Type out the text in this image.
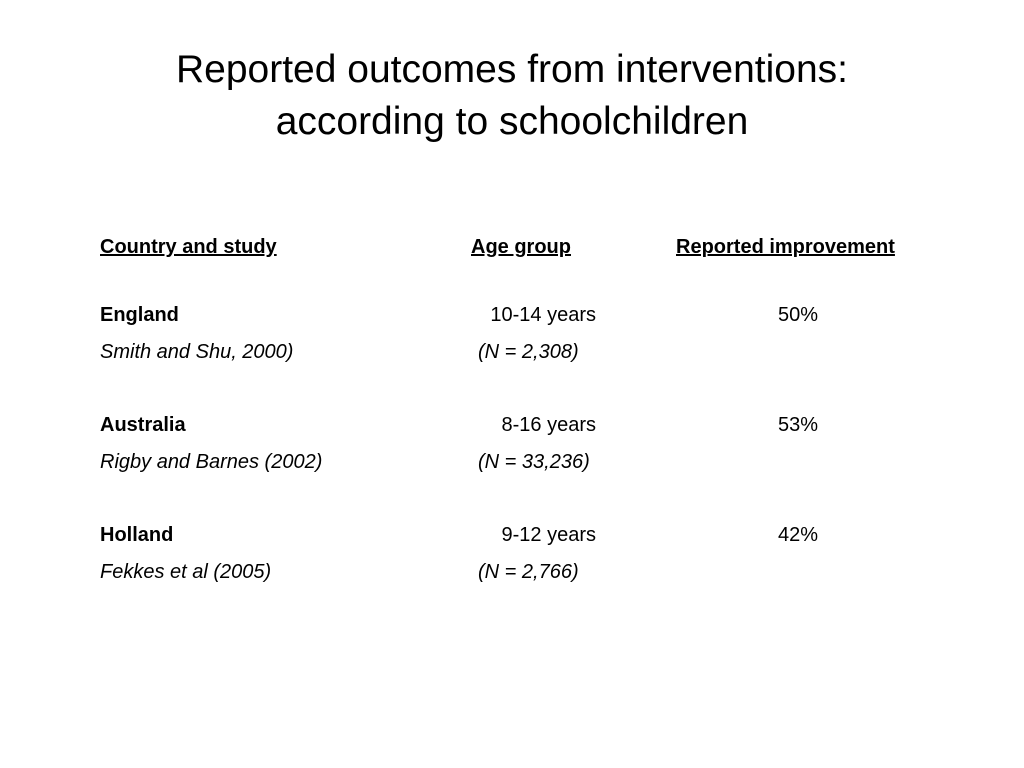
Reported outcomes from interventions:
according to schoolchildren
Country and study	Age group	Reported improvement
England	10-14 years	50%
Smith and Shu, 2000)	(N = 2,308)
Australia	8-16 years	53%
Rigby and Barnes (2002)	(N = 33,236)
Holland	9-12 years	42%
Fekkes et al (2005)	(N = 2,766)
